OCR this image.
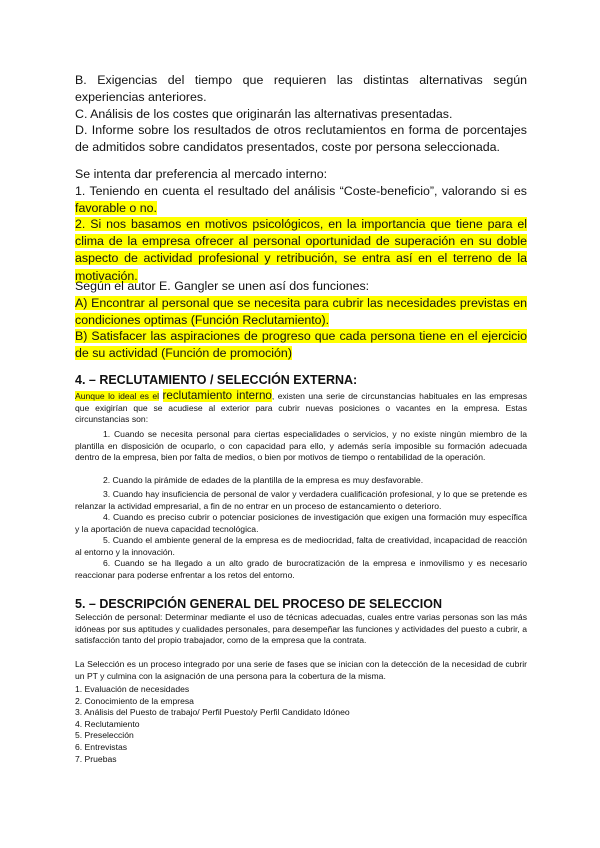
B. Exigencias del tiempo que requieren las distintas alternativas según experiencias anteriores.

C. Análisis de los costes que originarán las alternativas presentadas.

D. Informe sobre los resultados de otros reclutamientos en forma de porcentajes de admitidos sobre candidatos presentados, coste por persona seleccionada.

Se intenta dar preferencia al mercado interno:

1. Teniendo en cuenta el resultado del análisis “Coste-beneficio”, valorando si es favorable o no.

2. Si nos basamos en motivos psicológicos, en la importancia que tiene para el clima de la empresa ofrecer al personal oportunidad de superación en su doble aspecto de actividad profesional y retribución, se entra así en el terreno de la motivación.

Según el autor E. Gangler se unen así dos funciones:

A) Encontrar al personal que se necesita para cubrir las necesidades previstas en condiciones optimas (Función Reclutamiento).

B) Satisfacer las aspiraciones de progreso que cada persona tiene en el ejercicio de su actividad (Función de promoción)

4. – RECLUTAMIENTO / SELECCIÓN EXTERNA:

Aunque lo ideal es el reclutamiento interno, existen una serie de circunstancias habituales en las empresas que exigirían que se acudiese al exterior para cubrir nuevas posiciones o vacantes en la empresa. Estas circunstancias son:

1. Cuando se necesita personal para ciertas especialidades o servicios, y no existe ningún miembro de la plantilla en disposición de ocuparlo, o con capacidad para ello, y además sería imposible su formación adecuada dentro de la empresa, bien por falta de medios, o bien por motivos de tiempo o rentabilidad de la operación.

2. Cuando la pirámide de edades de la plantilla de la empresa es muy desfavorable.

3. Cuando hay insuficiencia de personal de valor y verdadera cualificación profesional, y lo que se pretende es relanzar la actividad empresarial, a fin de no entrar en un proceso de estancamiento o deterioro.

4. Cuando es preciso cubrir o potenciar posiciones de investigación que exigen una formación muy específica y la aportación de nueva capacidad tecnológica.

5. Cuando el ambiente general de la empresa es de mediocridad, falta de creatividad, incapacidad de reacción al entorno y la innovación.

6. Cuando se ha llegado a un alto grado de burocratización de la empresa e inmovilismo y es necesario reaccionar para poderse enfrentar a los retos del entorno.

5. – DESCRIPCIÓN GENERAL DEL PROCESO DE SELECCION

Selección de personal: Determinar mediante el uso de técnicas adecuadas, cuales entre varias personas son las más idóneas por sus aptitudes y cualidades personales, para desempeñar las funciones y actividades del puesto a cubrir, a satisfacción tanto del propio trabajador, como de la empresa que la contrata.

La Selección es un proceso integrado por una serie de fases que se inician con la detección de la necesidad de cubrir un PT y culmina con la asignación de una persona para la cobertura de la misma.

1. Evaluación de necesidades
2. Conocimiento de la empresa
3. Análisis del Puesto de trabajo/ Perfil Puesto/y Perfil Candidato Idóneo
4. Reclutamiento
5. Preselección
6. Entrevistas
7. Pruebas
